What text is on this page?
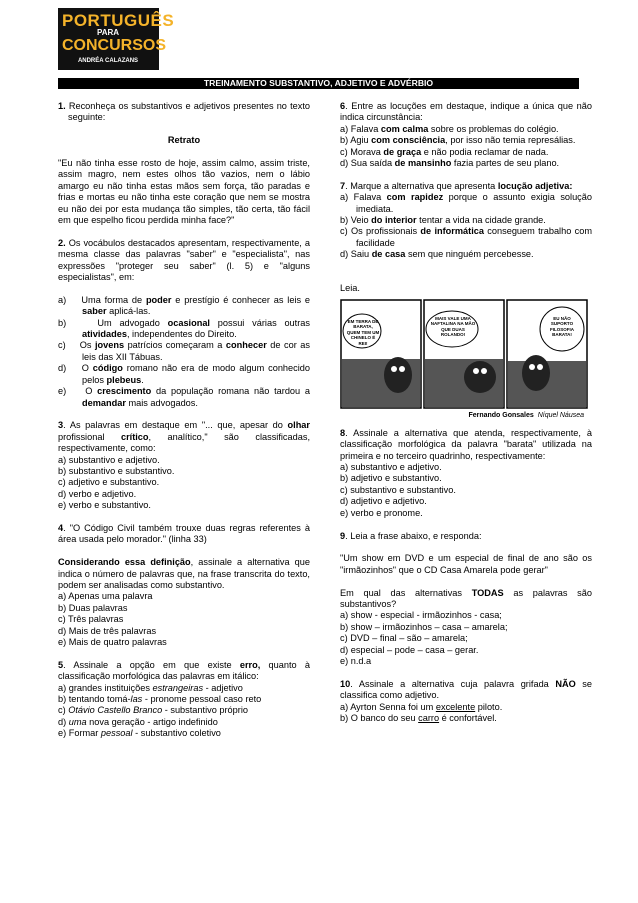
PORTUGUÊS
PARA
CONCURSOS
ANDRÉA CALAZANS
TREINAMENTO SUBSTANTIVO, ADJETIVO E ADVÉRBIO

1. Reconheça os substantivos e adjetivos presentes no texto seguinte:

Retrato

"Eu não tinha esse rosto de hoje, assim calmo, assim triste, assim magro, nem estes olhos tão vazios, nem o lábio amargo eu não tinha estas mãos sem força, tão paradas e frias e mortas eu não tinha este coração que nem se mostra eu não dei por esta mudança tão simples, tão certa, tão fácil em que espelho ficou perdida minha face?"

2. Os vocábulos destacados apresentam, respectivamente, a mesma classe das palavras "saber" e "especialista", nas expressões "proteger seu saber" (l. 5) e "alguns especialistas", em:

a) Uma forma de poder e prestígio é conhecer as leis e saber aplicá-las.

b)	Um advogado ocasional possui várias outras atividades, independentes do Direito.

c) Os jovens patrícios começaram a conhecer de cor as leis das XII Tábuas.

d) O código romano não era de modo algum conhecido pelos plebeus.

e) O crescimento da população romana não tardou a demandar mais advogados.

3. As palavras em destaque em "... que, apesar do olhar profissional crítico, analítico," são classificadas, respectivamente, como:

a) substantivo e adjetivo.

b) substantivo e substantivo.

c) adjetivo e substantivo.

d) verbo e adjetivo.

e) verbo e substantivo.

4. "O Código Civil também trouxe duas regras referentes à área usada pelo morador." (linha 33)

Considerando essa definição, assinale a alternativa que indica o número de palavras que, na frase transcrita do texto, podem ser analisadas como substantivo.

a) Apenas uma palavra

b) Duas palavras

c) Três palavras

d) Mais de três palavras

e) Mais de quatro palavras

5. Assinale a opção em que existe erro, quanto à classificação morfológica das palavras em itálico:

a) grandes instituições estrangeiras - adjetivo

b) tentando tomá-las - pronome pessoal caso reto

c) Otávio Castello Branco - substantivo próprio

d) uma nova geração - artigo indefinido

e) Formar pessoal - substantivo coletivo

6. Entre as locuções em destaque, indique a única que não indica circunstância:

a) Falava com calma sobre os problemas do colégio.

b) Agiu com consciência, por isso não temia represálias.

c) Morava de graça e não podia reclamar de nada.

d) Sua saída de mansinho fazia partes de seu plano.

7. Marque a alternativa que apresenta locução adjetiva:

a) Falava com rapidez porque o assunto exigia solução imediata.

b) Veio do interior tentar a vida na cidade grande.

c) Os profissionais de informática conseguem trabalho com facilidade

d) Saiu de casa sem que ninguém percebesse.

Leia.

EM TERRA DE BARATA, QUEM TEM UM CHINELO É REI!
MAIS VALE UMA NAFTALINA NA MÃO QUE DUAS ROLANDO!
EU NÃO SUPORTO FILOSOFIA BARATA!
Fernando Gonsales Níquel Náusea

8. Assinale a alternativa que atenda, respectivamente, à classificação morfológica da palavra "barata" utilizada na primeira e no terceiro quadrinho, respectivamente:

a) substantivo e adjetivo.

b) adjetivo e substantivo.

c) substantivo e substantivo.

d) adjetivo e adjetivo.

e) verbo e pronome.

9. Leia a frase abaixo, e responda:

"Um show em DVD e um especial de final de ano são os "irmãozinhos" que o CD Casa Amarela pode gerar"

Em qual das alternativas TODAS as palavras são substantivos?

a) show - especial - irmãozinhos - casa;

b) show – irmãozinhos – casa – amarela;

c) DVD – final – são – amarela;

d) especial – pode – casa – gerar.

e) n.d.a

10. Assinale a alternativa cuja palavra grifada NÃO se classifica como adjetivo.

a) Ayrton Senna foi um excelente piloto.

b) O banco do seu carro é confortável.
